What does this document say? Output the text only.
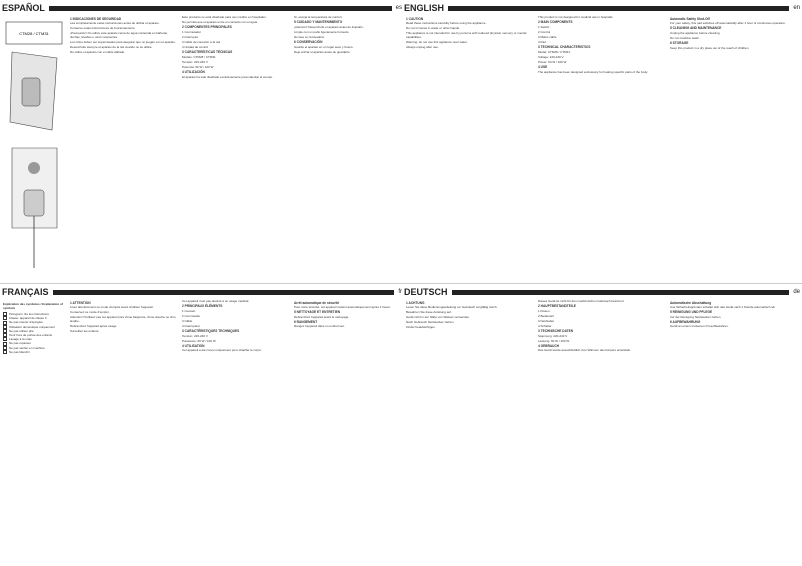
ESPAÑOL	es ENGLISH	en
CTM28 / CTM31
1 INDICACIONES DE SEGURIDAD

Lea completamente estas instrucciones antes de utilizar el aparato.

Conserve estas instrucciones de funcionamiento.

¡Precaución! No utilice este aparato cerca de agua contenida en bañeras, duchas, lavabos u otros recipientes.

Los niños deben ser supervisados para asegurar que no juegan con el aparato.

Desenchufe siempre el aparato de la red cuando no se utilice.

No utilice el aparato con el cable dañado.

Este producto no está diseñado para uso médico en hospitales.

No permita que el aparato entre en contacto con el agua.

2 COMPONENTES PRINCIPALES

1 Conmutador

2 Interruptor

3 Cable de conexión a la red

4 Unidad de control

3 CARACTERÍSTICAS TÉCNICAS

Modelo: CTM28 / CTM31

Tensión: 220-240 V

Potencia: 60 W / 100 W

4 UTILIZACIÓN

El aparato ha sido diseñado exclusivamente para calentar el cuerpo.

Sí, escoja la temperatura de confort.

5 CUIDADO Y MANTENIMIENTO

¡Atención! Desenchufe el aparato antes de limpiarlo.

Limpie con un paño ligeramente húmedo.

No lave en la lavadora.

6 CONSERVACIÓN

Guarde el aparato en un lugar seco y fresco.

Deje enfriar el aparato antes de guardarlo.

1 CAUTION

Read these instructions carefully before using the appliance.

Do not immerse in water or other liquids.

This appliance is not intended for use by persons with reduced physical, sensory or mental capabilities.

Warning: do not use this appliance near water.

Always unplug after use.

This product is not designed for medical use in hospitals.

2 MAIN COMPONENTS

1 Switch

2 Control

3 Mains cable

4 Pad

3 TECHNICAL CHARACTERISTICS

Model: CTM28 / CTM31

Voltage: 220-240 V

Power: 60 W / 100 W

4 USE

The appliance has been designed exclusively for heating specific parts of the body.

Automatic Safety Shut-Off

For your safety, this pad switches off automatically after 1 hour of continuous operation.

5 CLEANING AND MAINTENANCE

Unplug the appliance before cleaning.

Do not machine wash.

6 STORAGE

Keep this product in a dry place out of the reach of children.

FRANÇAIS	fr DEUTSCH	de
Explication des symboles / Explanation of symbols
Pictogram: lire les instructions
Classe: appareil de classe II
Ne pas insérer d'épingles
Utilisation domestique uniquement
Ne pas utiliser plié
Tenir hors de portée des enfants
Lavage à la main
Ne pas repasser
Ne pas sécher en machine
Ne pas blanchir
1 ATTENTION

Lisez attentivement ce mode d'emploi avant d'utiliser l'appareil.

Conservez ce mode d'emploi.

Attention! N'utilisez pas cet appareil près d'une baignoire, d'une douche ou d'un lavabo.

Débranchez l'appareil après usage.

Surveillez les enfants.

Cet appareil n'est pas destiné à un usage médical.

2 PRINCIPAUX ÉLÉMENTS

1 Coussin

2 Commande

3 Câble

4 Interrupteur

3 CARACTÉRISTIQUES TECHNIQUES

Tension: 220-240 V

Puissance: 60 W / 100 W

4 UTILISATION

Cet appareil a été conçu uniquement pour chauffer le corps.

Arrêt automatique de sécurité

Pour votre sécurité, cet appareil s'éteint automatiquement après 1 heure.

5 NETTOYAGE ET ENTRETIEN

Débranchez l'appareil avant le nettoyage.

6 RANGEMENT

Rangez l'appareil dans un endroit sec.

1 ACHTUNG

Lesen Sie diese Bedienungsanleitung vor Gebrauch sorgfältig durch.

Bewahren Sie diese Anleitung auf.

Gerät nicht in der Nähe von Wasser verwenden.

Nach Gebrauch Netzstecker ziehen.

Kinder beaufsichtigen.

Dieses Gerät ist nicht für den medizinischen Gebrauch bestimmt.

2 HAUPTBESTANDTEILE

1 Kissen

2 Bedienteil

3 Netzkabel

4 Schalter

3 TECHNISCHE DATEN

Spannung: 220-240 V

Leistung: 60 W / 100 W

4 GEBRAUCH

Das Gerät wurde ausschließlich zum Wärmen des Körpers entwickelt.

Automatische Abschaltung

Aus Sicherheitsgründen schaltet sich das Gerät nach 1 Stunde automatisch ab.

5 REINIGUNG UND PFLEGE

Vor der Reinigung Netzstecker ziehen.

6 AUFBEWAHRUNG

Gerät an einem trockenen Ort aufbewahren.
